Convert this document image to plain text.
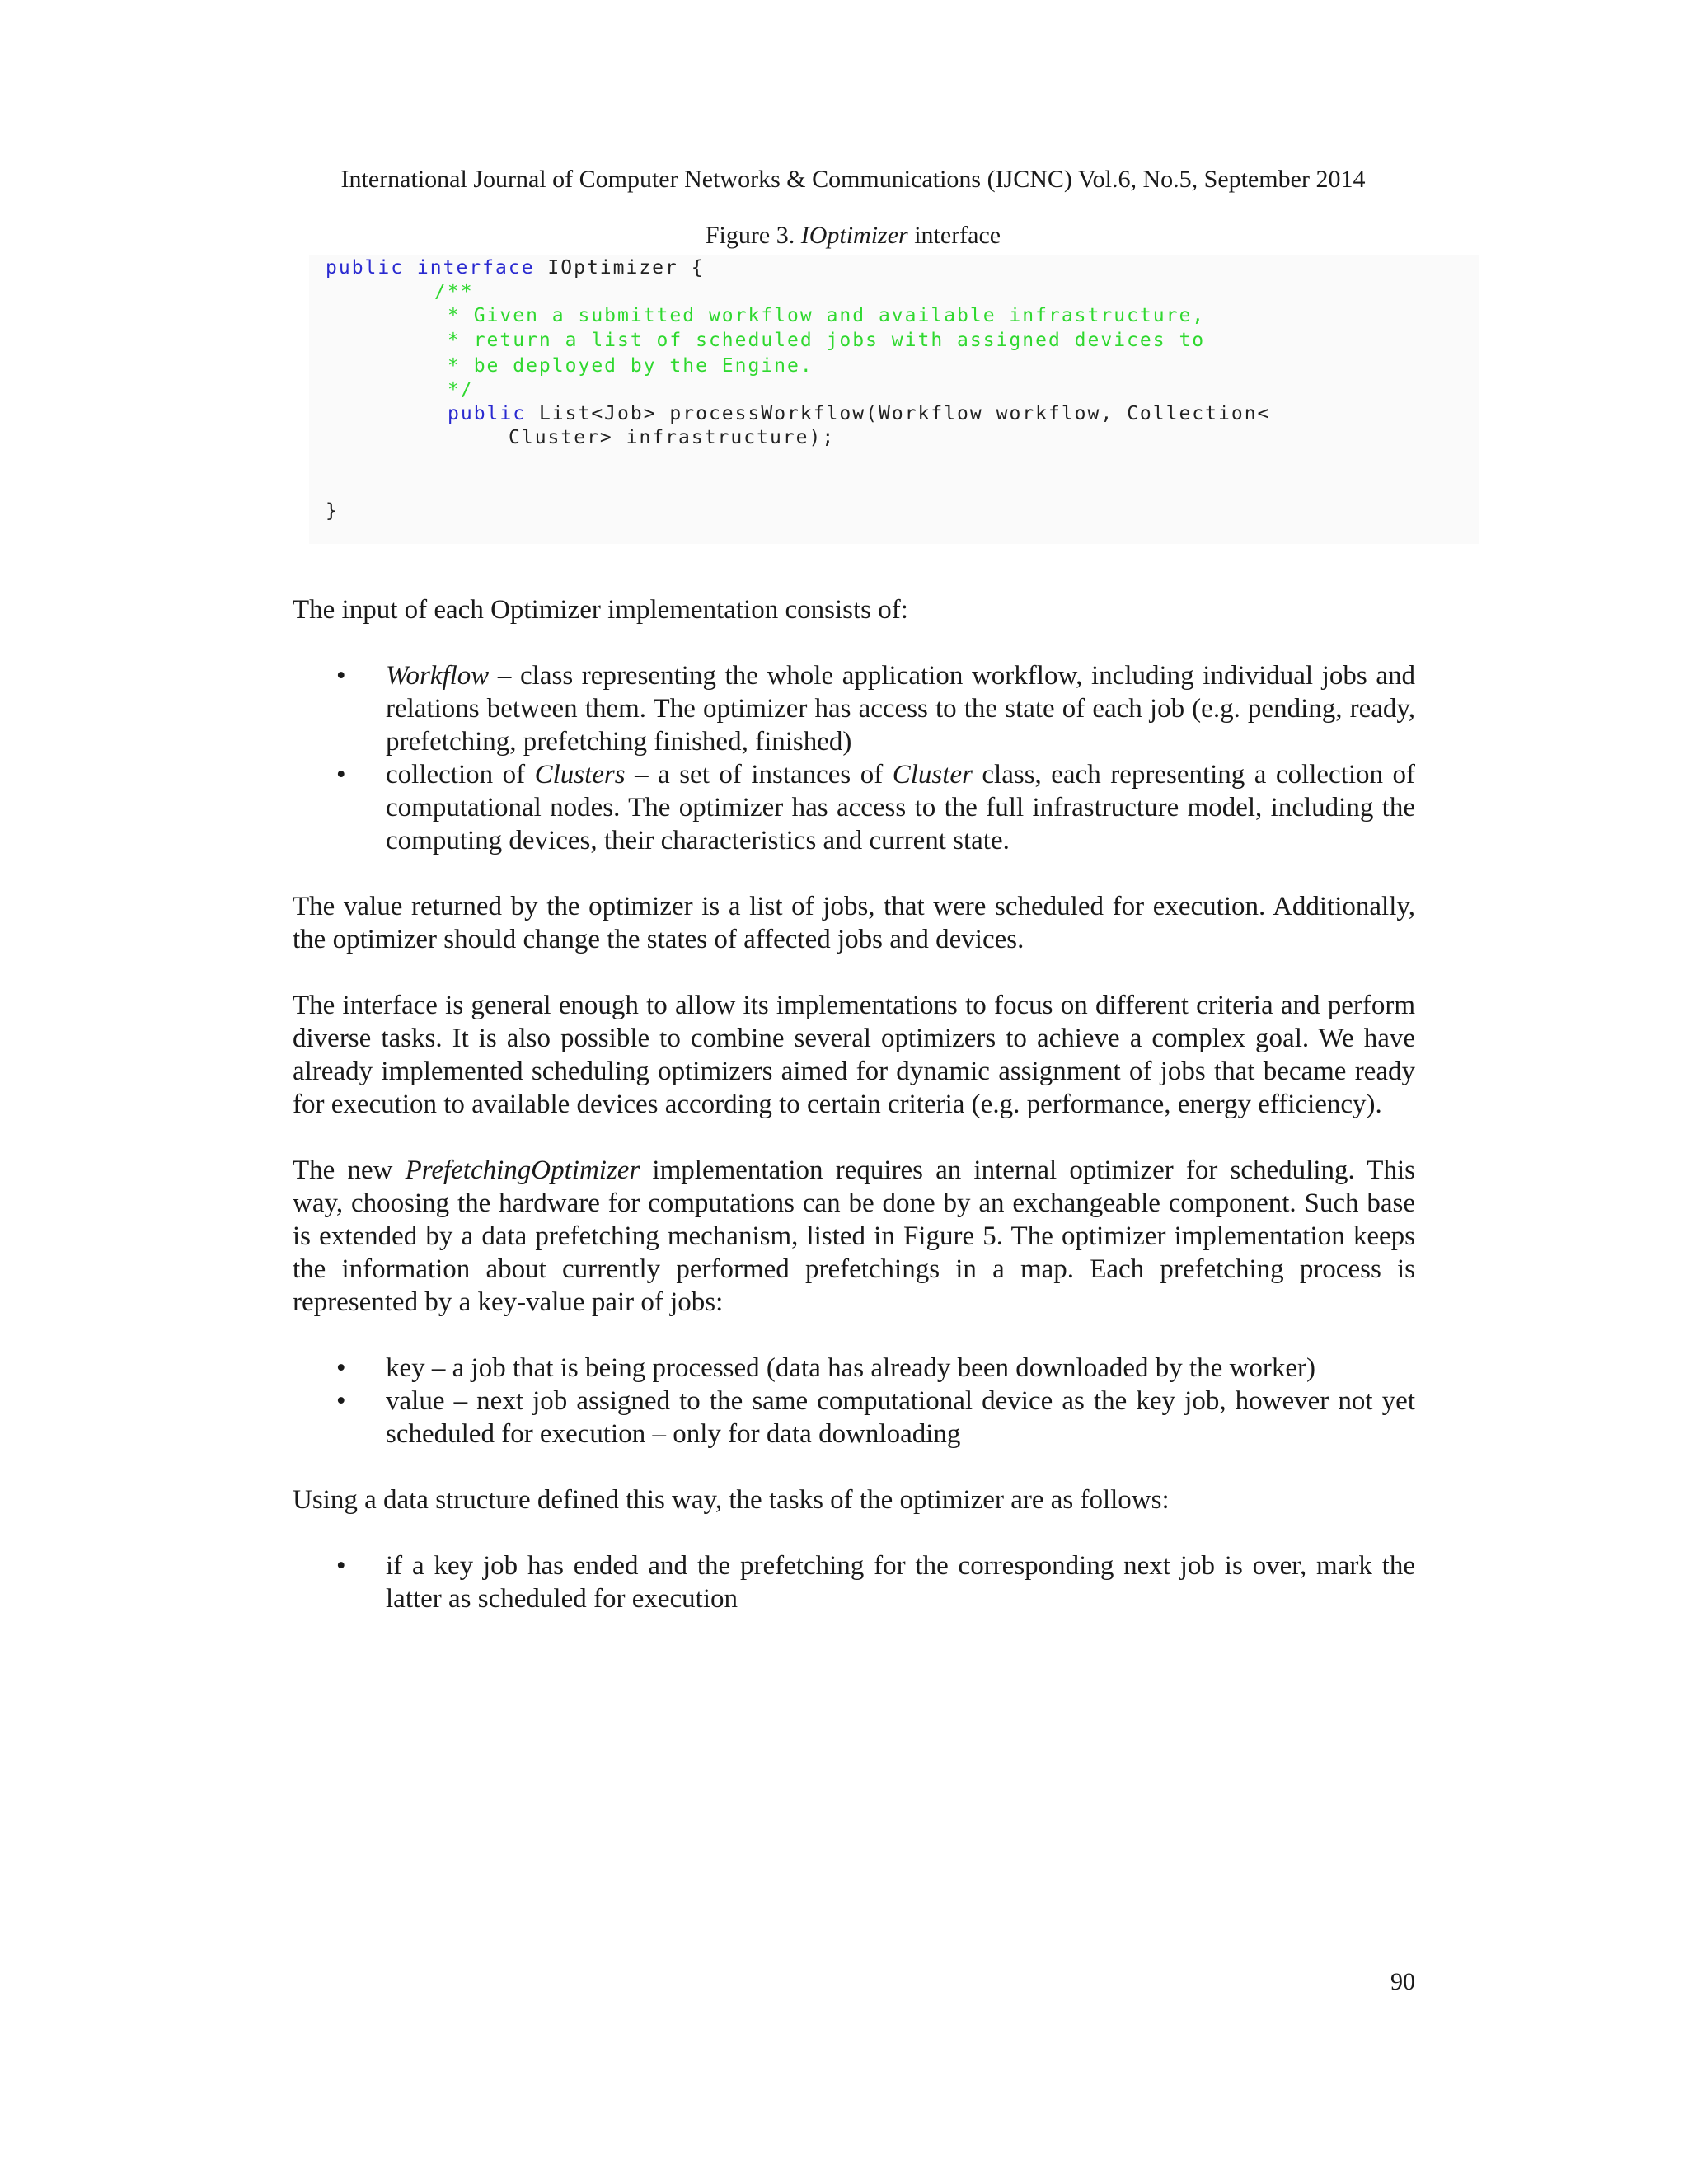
International Journal of Computer Networks & Communications (IJCNC) Vol.6, No.5, September 2014
Figure 3. IOptimizer interface
public interface IOptimizer {
/**
* Given a submitted workflow and available infrastructure,
* return a list of scheduled jobs with assigned devices to
* be deployed by the Engine.
*/
public List<Job> processWorkflow(Workflow workflow, Collection<
Cluster> infrastructure);
}

The input of each Optimizer implementation consists of:

• Workflow – class representing the whole application workflow, including individual jobs and relations between them. The optimizer has access to the state of each job (e.g. pending, ready, prefetching, prefetching finished, finished)
• collection of Clusters – a set of instances of Cluster class, each representing a collection of computational nodes. The optimizer has access to the full infrastructure model, including the computing devices, their characteristics and current state.

The value returned by the optimizer is a list of jobs, that were scheduled for execution. Additionally, the optimizer should change the states of affected jobs and devices.

The interface is general enough to allow its implementations to focus on different criteria and perform diverse tasks. It is also possible to combine several optimizers to achieve a complex goal. We have already implemented scheduling optimizers aimed for dynamic assignment of jobs that became ready for execution to available devices according to certain criteria (e.g. performance, energy efficiency).

The new PrefetchingOptimizer implementation requires an internal optimizer for scheduling. This way, choosing the hardware for computations can be done by an exchangeable component. Such base is extended by a data prefetching mechanism, listed in Figure 5. The optimizer implementation keeps the information about currently performed prefetchings in a map. Each prefetching process is represented by a key-value pair of jobs:

• key – a job that is being processed (data has already been downloaded by the worker)
• value – next job assigned to the same computational device as the key job, however not yet scheduled for execution – only for data downloading

Using a data structure defined this way, the tasks of the optimizer are as follows:

• if a key job has ended and the prefetching for the corresponding next job is over, mark the latter as scheduled for execution
90
